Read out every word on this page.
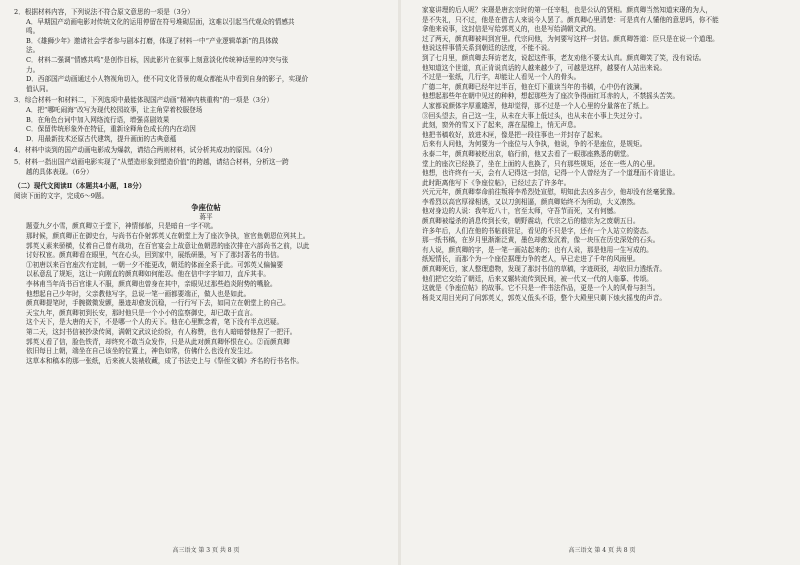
2．根据材料内容，下列说法不符合原文意思的一项是（3分）
A．早期国产动画电影对传统文化的运用停留在符号堆砌层面，这难以引起当代观众的情感共
鸣。
B．《雄狮少年》邀请社会学者参与剧本打磨，体现了材料一中“产业逻辑革新”的具体做
法。
C．材料二强调“情感共鸣”是创作目标，因此影片在叙事上刻意淡化传统神话里的冲突与张
力。
D．西部国产动画通过小人物视角切入，使不同文化背景的观众都能从中看到自身的影子，实现价
值认同。
3．综合材料一和材料二，下列选项中最能体现国产动画“精神内核重构”的一项是（3分）
A．把“哪吒闹海”改写为现代校园故事，让主角穿着校服登场
B．在角色台词中加入网络流行语，增强喜剧效果
C．保留传统形象外在特征，重新诠释角色成长的内在动因
D．用最新技术还原古代建筑，提升画面的古典意蕴
4．材料中谈到的国产动画电影成为爆款，请结合两则材料，试分析其成功的原因。（4分）
5．材料一指出国产动画电影实现了“从塑造形象到塑造价值”的跨越，请结合材料，分析这一跨
越的具体表现。（6分）
（二）现代文阅读Ⅱ（本题共4小题，18分）
阅读下面的文字，完成6～9题。
争座位帖
蒋平
题壹九夕小雪，颜真卿立于堂下，神情郁郁，只是暗自一字不吭。
那时候，颜真卿正在御史台，与尚书右仆射郭英乂在朝堂上为了座次争执，宦官鱼朝恩位列其上。
郭英乂素来骄横，仗着自己曾有战功，在百官宴会上故意让鱼朝恩的座次排在六部尚书之前，以此
讨好权宦。颜真卿看在眼里，气在心头，回到家中，展纸研墨，写下了那封著名的书信。
①初唐以来百官座次有定制，一朝一夕不能更改，朝廷的体面全系于此。可郭英乂偏偏要
以私意乱了规矩，这让一向刚直的颜真卿如何能忍。他在信中字字如刀，直斥其非。
李林甫当年尚书百官谁人不服，颜真卿也曾身在其中，亲眼见过那些趋炎附势的嘴脸。
他想起自己少年时，父亲教他写字，总说一笔一画都要端正，做人也是如此。
颜真卿提笔时，手腕微微发颤，墨迹却愈发沉稳，一行行写下去，如同立在朝堂上的自己。
天宝九年，颜真卿初到长安，那时他只是一个小小的监察御史，却已敢于直言。
这个天下，是大唐的天下，不是哪一个人的天下。他在心里默念着，笔下没有半点迟疑。
第二天，这封书信被抄录传阅，满朝文武议论纷纷，有人称赞，也有人暗暗替他捏了一把汗。
郭英乂看了信，脸色铁青，却终究不敢当众发作，只是从此对颜真卿怀恨在心。②而颜真卿
依旧每日上朝，端坐在自己该坐的位置上，神色如常，仿佛什么也没有发生过。
这草本和稿本的那一张纸，后来被人装裱收藏，成了书法史上与《祭侄文稿》齐名的行书名作。
高三语文 第 3 页 共 8 页
家宴讲理的后人呢？宋璟是唐玄宗时的第一任宰相，也是公认的贤相。颜真卿当然知道宋璟的为人，
是不失礼，只不过，他是在借古人来说今人罢了。颜真卿心里清楚：可是真有人懂他的意思吗，你不能
拿他来说事，这封信是写给郭英乂的，也是写给满朝文武的。
过了两天，颜真卿被叫到宫里。代宗问他，为何要写这样一封信。颜真卿答道：臣只是在说一个道理。
他说这样事情关系到朝廷的法度，不能不说。
到了七月里，颜真卿去拜访老友，说起这件事，老友劝他不要太认真。颜真卿笑了笑，没有说话。
他知道这个世道，真正肯说真话的人越来越少了，可越是这样，越要有人站出来说。
不过是一张纸，几行字，却能让人看见一个人的骨头。
广德二年，颜真卿已经年过半百，他在灯下重读当年的书稿，心中仍有波澜。
他想起那些年在朝中见过的种种，想起那些为了座次争得面红耳赤的人，不禁摇头苦笑。
人家都说颜体字厚重雄浑，他却觉得，那不过是一个人心里的分量落在了纸上。
③回头望去，自己这一生，从未在大事上低过头，也从未在小事上失过分寸。
此刻，窗外的雪又下了起来，落在屋檐上，悄无声息。
他把书稿收好，放进木匣，像是把一段往事也一并封存了起来。
后来有人问他，为何要为一个座位与人争执，他说，争的不是座位，是规矩。
永泰二年，颜真卿被贬出京，临行前，他又去看了一眼那座熟悉的朝堂。
堂上的座次已经换了，坐在上面的人也换了，只有那些规矩，还在一些人的心里。
他想，也许终有一天，会有人记得这一封信，记得一个人曾经为了一个道理而不肯退让。
此时距离他写下《争座位帖》，已经过去了许多年。
兴元元年，颜真卿奉命前往叛将李希烈处宣慰，明知此去凶多吉少，他却没有丝毫犹豫。
李希烈以高官厚禄相诱，又以刀剑相逼，颜真卿始终不为所动，大义凛然。
他对身边的人说：我年近八十，官至太师，守吾节而死，又有何憾。
颜真卿被缢杀的消息传到长安，朝野震动，代宗之后的德宗为之废朝五日。
许多年后，人们在他的书帖前驻足，看见的不只是字，还有一个人站立的姿态。
那一纸书稿，在岁月里渐渐泛黄，墨色却愈发沉着，像一块压在历史深处的石头。
有人说，颜真卿的字，是一笔一画站起来的；也有人说，那是他用一生写成的。
纸短情长，而那个为一个座位据理力争的老人，早已走进了千年的风雨里。
颜真卿死后，家人整理遗物，发现了那封书信的草稿，字迹斑驳，却依旧力透纸背。
他们把它交给了朝廷，后来又辗转流传到民间，被一代又一代的人临摹、传颂。
这就是《争座位帖》的故事。它不只是一件书法作品，更是一个人的风骨与担当。
杨炎又用目光问了问郭英乂，郭英乂低头不语，整个大殿里只剩下烛火摇曳的声音。
高三语文 第 4 页 共 8 页
